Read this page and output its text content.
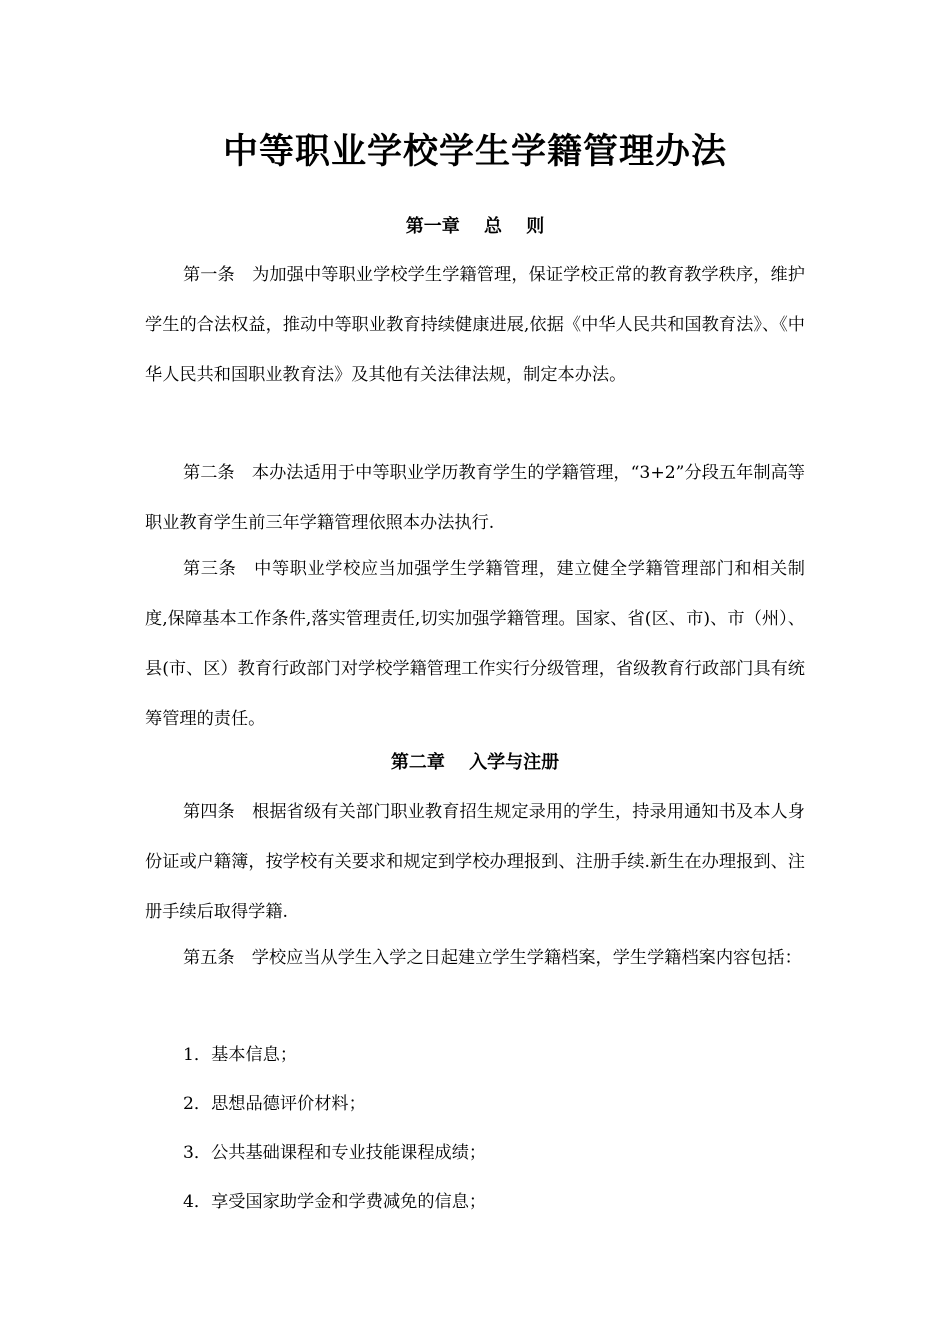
中等职业学校学生学籍管理办法
第一章　 总　 则

第一条　为加强中等职业学校学生学籍管理，保证学校正常的教育教学秩序，维护学生的合法权益，推动中等职业教育持续健康进展,依据《中华人民共和国教育法》、《中华人民共和国职业教育法》及其他有关法律法规，制定本办法。

第二条　本办法适用于中等职业学历教育学生的学籍管理，“3+2”分段五年制高等职业教育学生前三年学籍管理依照本办法执行.

第三条　中等职业学校应当加强学生学籍管理，建立健全学籍管理部门和相关制度,保障基本工作条件,落实管理责任,切实加强学籍管理。国家、省(区、市)、市（州）、县(市、区）教育行政部门对学校学籍管理工作实行分级管理，省级教育行政部门具有统筹管理的责任。

第二章　 入学与注册

第四条　根据省级有关部门职业教育招生规定录用的学生，持录用通知书及本人身份证或户籍簿，按学校有关要求和规定到学校办理报到、注册手续.新生在办理报到、注册手续后取得学籍.

第五条　学校应当从学生入学之日起建立学生学籍档案，学生学籍档案内容包括：

1．基本信息；

2．思想品德评价材料；

3．公共基础课程和专业技能课程成绩；

4．享受国家助学金和学费减免的信息；
